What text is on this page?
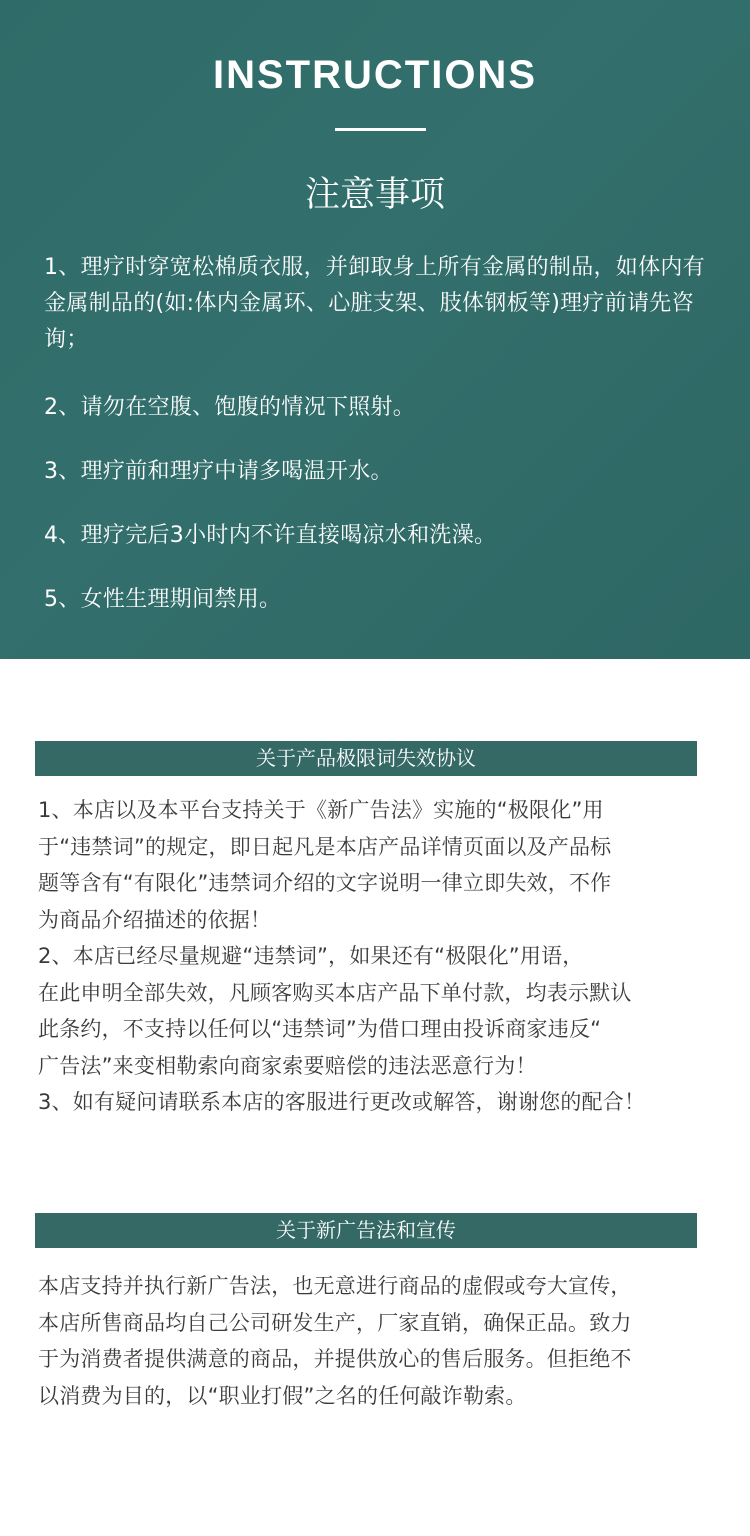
INSTRUCTIONS
注意事项
1、理疗时穿宽松棉质衣服，并卸取身上所有金属的制品，如体内有金属制品的(如:体内金属环、心脏支架、肢体钢板等)理疗前请先咨询；
2、请勿在空腹、饱腹的情况下照射。
3、理疗前和理疗中请多喝温开水。
4、理疗完后3小时内不许直接喝凉水和洗澡。
5、女性生理期间禁用。
关于产品极限词失效协议
1、本店以及本平台支持关于《新广告法》实施的“极限化”用
于“违禁词”的规定，即日起凡是本店产品详情页面以及产品标
题等含有“有限化”违禁词介绍的文字说明一律立即失效，不作
为商品介绍描述的依据！
2、本店已经尽量规避“违禁词”，如果还有“极限化”用语，
在此申明全部失效，凡顾客购买本店产品下单付款，均表示默认
此条约，不支持以任何以“违禁词”为借口理由投诉商家违反“
广告法”来变相勒索向商家索要赔偿的违法恶意行为！
3、如有疑问请联系本店的客服进行更改或解答，谢谢您的配合！
关于新广告法和宣传
本店支持并执行新广告法，也无意进行商品的虚假或夸大宣传，
本店所售商品均自己公司研发生产，厂家直销，确保正品。致力
于为消费者提供满意的商品，并提供放心的售后服务。但拒绝不
以消费为目的，以“职业打假”之名的任何敲诈勒索。
